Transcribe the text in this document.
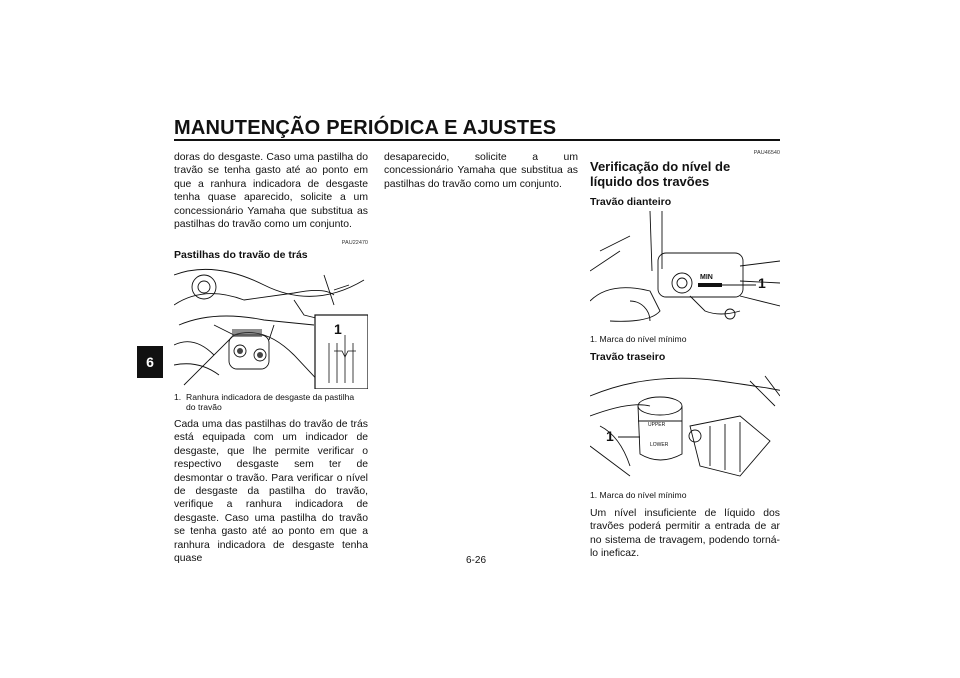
MANUTENÇÃO PERIÓDICA E AJUSTES
6
doras do desgaste. Caso uma pastilha do travão se tenha gasto até ao ponto em que a ranhura indicadora de desgaste tenha quase aparecido, solicite a um concessionário Yamaha que substitua as pastilhas do travão como um conjunto.
PAU22470
Pastilhas do travão de trás
1
1. Ranhura indicadora de desgaste da pastilha do travão
Cada uma das pastilhas do travão de trás está equipada com um indicador de desgaste, que lhe permite verificar o respectivo desgaste sem ter de desmontar o travão. Para verificar o nível de desgaste da pastilha do travão, verifique a ranhura indicadora de desgaste. Caso uma pastilha do travão se tenha gasto até ao ponto em que a ranhura indicadora de desgaste tenha quase
desaparecido, solicite a um concessionário Yamaha que substitua as pastilhas do travão como um conjunto.
PAU46540
Verificação do nível de líquido dos travões
Travão dianteiro
MIN	1
1. Marca do nível mínimo
Travão traseiro
UPPER
LOWER
1
1. Marca do nível mínimo
Um nível insuficiente de líquido dos travões poderá permitir a entrada de ar no sistema de travagem, podendo torná-lo ineficaz.
6-26
